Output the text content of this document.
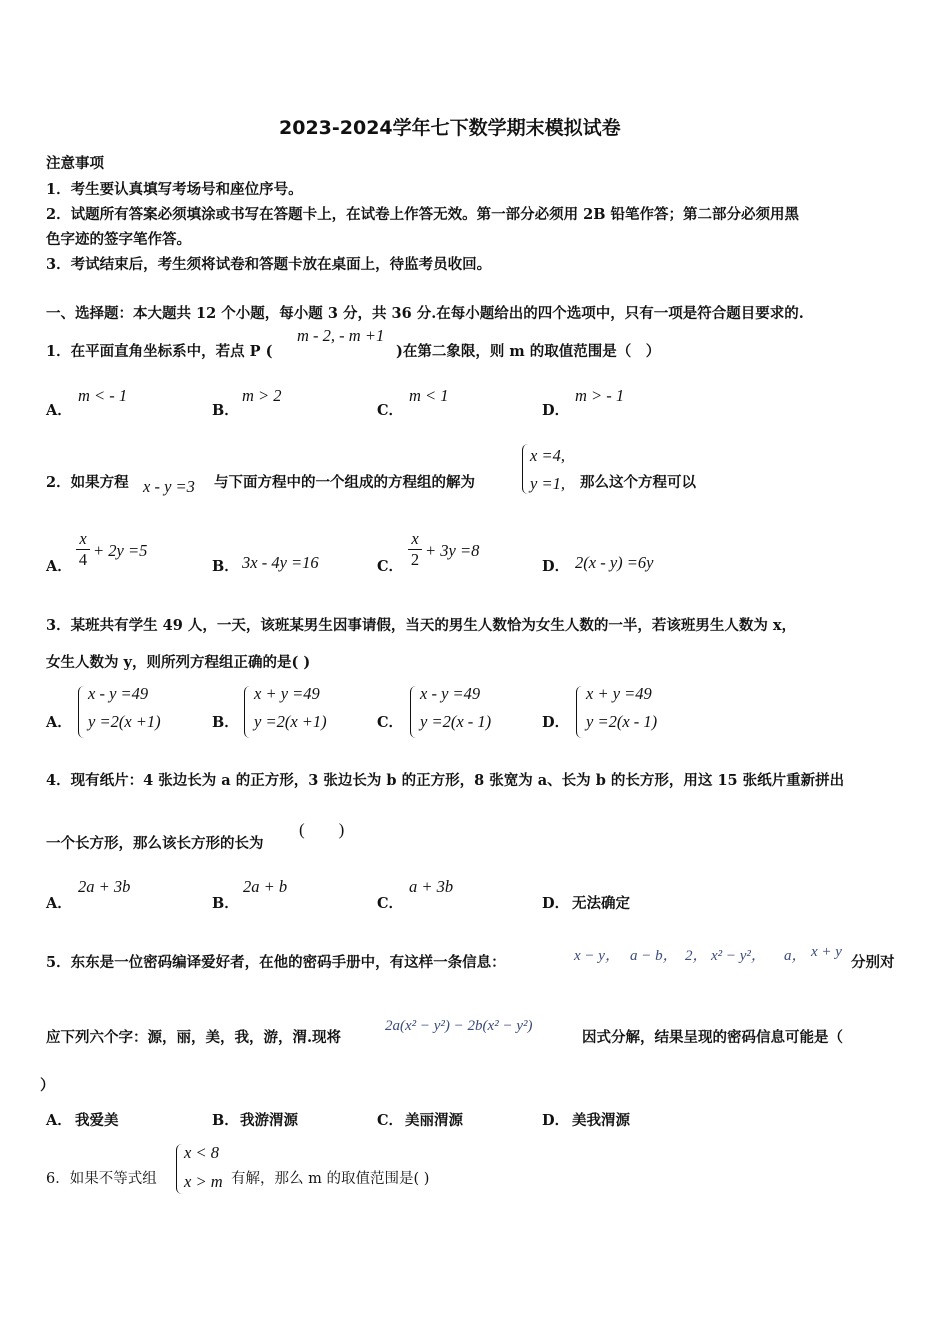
2023-2024学年七下数学期末模拟试卷
注意事项
1．考生要认真填写考场号和座位序号。
2．试题所有答案必须填涂或书写在答题卡上，在试卷上作答无效。第一部分必须用 2B 铅笔作答；第二部分必须用黑
色字迹的签字笔作答。
3．考试结束后，考生须将试卷和答题卡放在桌面上，待监考员收回。
一、选择题：本大题共 12 个小题，每小题 3 分，共 36 分.在每小题给出的四个选项中，只有一项是符合题目要求的.
1．在平面直角坐标系中，若点 P (
m - 2, - m +1
)在第二象限，则 m 的取值范围是（　）
A．
m < - 1
B．
m > 2
C．
m < 1
D．
m > - 1
2．如果方程 x - y =3 与下面方程中的一个组成的方程组的解为
x =4,
y =1, 那么这个方程可以
A． $\frac{x}{4} + 2y =5$
B． 3x - 4y =16	C． $\frac{x}{2} + 3y =8$
D． 2(x - y) =6y
3．某班共有学生 49 人，一天，该班某男生因事请假，当天的男生人数恰为女生人数的一半，若该班男生人数为 x，
女生人数为 y，则所列方程组正确的是( )
A．
x - y =49
y =2(x +1)	B．
x + y =49
y =2(x +1)	C．
x - y =49
y =2(x - 1)	D．
x + y =49
y =2(x - 1)
4．现有纸片：4 张边长为 a 的正方形，3 张边长为 b 的正方形，8 张宽为 a、长为 b 的长方形，用这 15 张纸片重新拼出
一个长方形，那么该长方形的长为
(　　)
A．
2a + 3b
B．
2a + b
C．
a + 3b
D． 无法确定
5．东东是一位密码编译爱好者，在他的密码手册中，有这样一条信息：	x − y， a − b， 2， x² − y²， a， x + y
分别对
应下列六个字：源，丽，美，我，游，渭.现将
2a(x² − y²) − 2b(x² − y²)
因式分解，结果呈现的密码信息可能是（
）
A． 我爱美	B． 我游渭源	C． 美丽渭源	D． 美我渭源
6．如果不等式组
x < 8
x > m 有解，那么 m 的取值范围是( )
